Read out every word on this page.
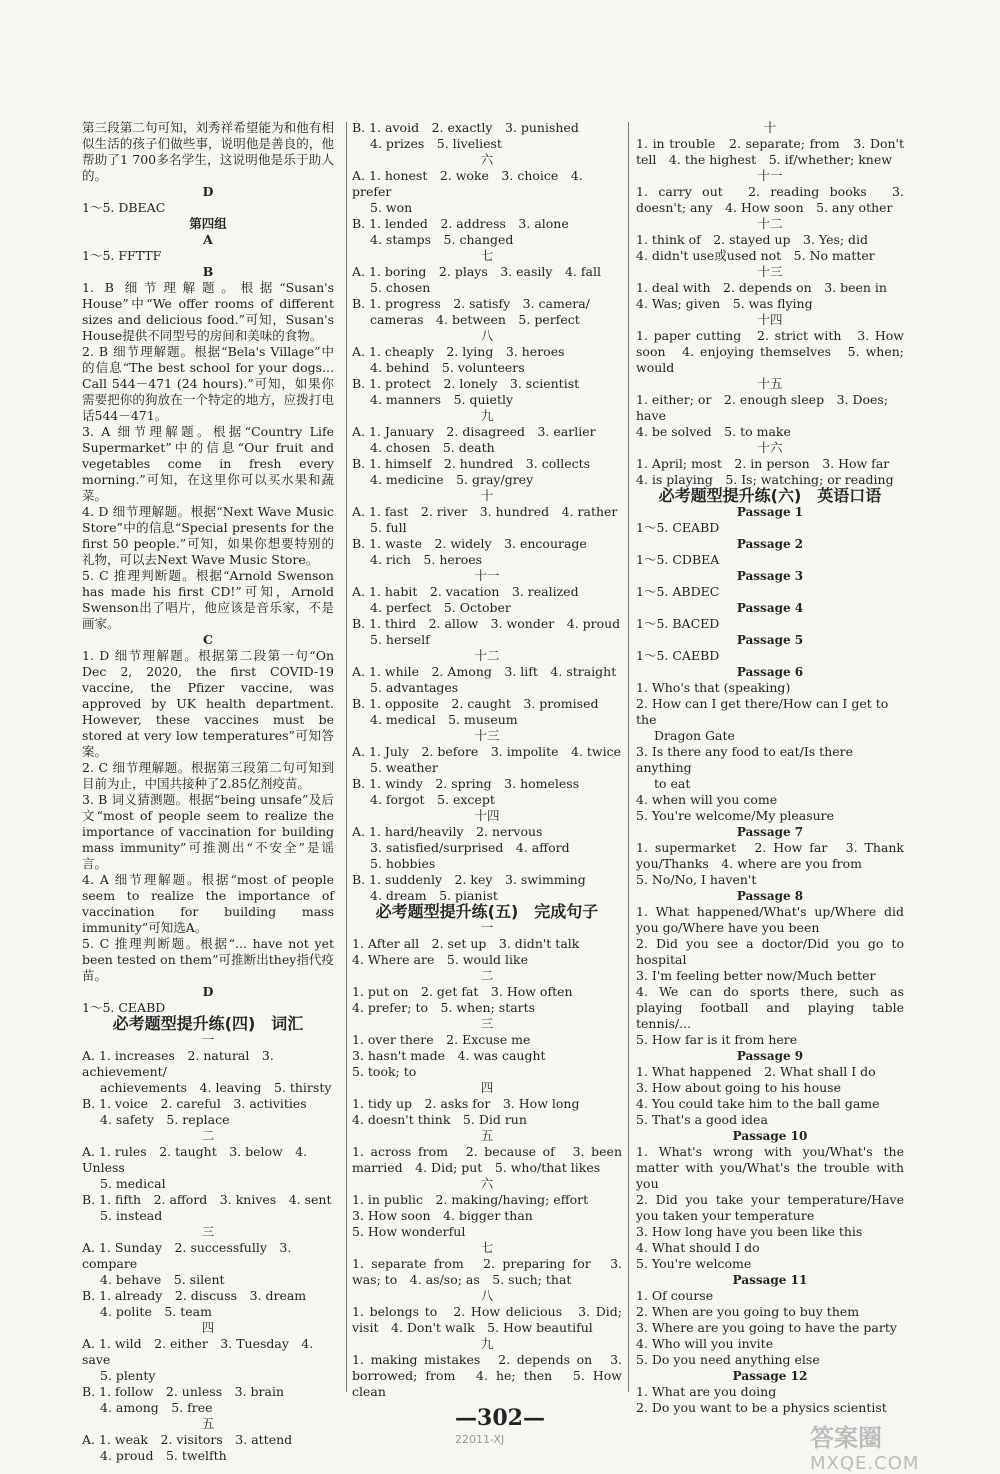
第三段第二句可知，刘秀祥希望能为和他有相似生活的孩子们做些事，说明他是善良的，他帮助了1 700多名学生，这说明他是乐于助人的。

D

1～5. DBEAC

第四组

A

1～5. FFTTF

B

1. B 细节理解题。根据“Susan's House”中“We offer rooms of different sizes and delicious food.”可知，Susan's House提供不同型号的房间和美味的食物。

2. B 细节理解题。根据“Bela's Village”中的信息“The best school for your dogs... Call 544－471 (24 hours).”可知，如果你需要把你的狗放在一个特定的地方，应拨打电话544－471。

3. A 细节理解题。根据“Country Life Supermarket”中的信息“Our fruit and vegetables come in fresh every morning.”可知，在这里你可以买水果和蔬菜。

4. D 细节理解题。根据“Next Wave Music Store”中的信息“Special presents for the first 50 people.”可知，如果你想要特别的礼物，可以去Next Wave Music Store。

5. C 推理判断题。根据“Arnold Swenson has made his first CD!”可知，Arnold Swenson出了唱片，他应该是音乐家，不是画家。

C

1. D 细节理解题。根据第二段第一句“On Dec 2, 2020, the first COVID-19 vaccine, the Pfizer vaccine, was approved by UK health department. However, these vaccines must be stored at very low temperatures”可知答案。

2. C 细节理解题。根据第三段第二句可知到目前为止，中国共接种了2.85亿剂疫苗。

3. B 词义猜测题。根据“being unsafe”及后文“most of people seem to realize the importance of vaccination for building mass immunity”可推测出“不安全”是谣言。

4. A 细节理解题。根据“most of people seem to realize the importance of vaccination for building mass immunity”可知选A。

5. C 推理判断题。根据“... have not yet been tested on them”可推断出they指代疫苗。

D

1～5. CEABD

必考题型提升练(四)　词汇

一

A. 1. increases　2. natural　3. achievement/

achievements　4. leaving　5. thirsty

B. 1. voice　2. careful　3. activities

4. safety　5. replace

二

A. 1. rules　2. taught　3. below　4. Unless

5. medical

B. 1. fifth　2. afford　3. knives　4. sent

5. instead

三

A. 1. Sunday　2. successfully　3. compare

4. behave　5. silent

B. 1. already　2. discuss　3. dream

4. polite　5. team

四

A. 1. wild　2. either　3. Tuesday　4. save

5. plenty

B. 1. follow　2. unless　3. brain

4. among　5. free

五

A. 1. weak　2. visitors　3. attend

4. proud　5. twelfth

B. 1. avoid　2. exactly　3. punished

4. prizes　5. liveliest

六

A. 1. honest　2. woke　3. choice　4. prefer

5. won

B. 1. lended　2. address　3. alone

4. stamps　5. changed

七

A. 1. boring　2. plays　3. easily　4. fall

5. chosen

B. 1. progress　2. satisfy　3. camera/

cameras　4. between　5. perfect

八

A. 1. cheaply　2. lying　3. heroes

4. behind　5. volunteers

B. 1. protect　2. lonely　3. scientist

4. manners　5. quietly

九

A. 1. January　2. disagreed　3. earlier

4. chosen　5. death

B. 1. himself　2. hundred　3. collects

4. medicine　5. gray/grey

十

A. 1. fast　2. river　3. hundred　4. rather

5. full

B. 1. waste　2. widely　3. encourage

4. rich　5. heroes

十一

A. 1. habit　2. vacation　3. realized

4. perfect　5. October

B. 1. third　2. allow　3. wonder　4. proud

5. herself

十二

A. 1. while　2. Among　3. lift　4. straight

5. advantages

B. 1. opposite　2. caught　3. promised

4. medical　5. museum

十三

A. 1. July　2. before　3. impolite　4. twice

5. weather

B. 1. windy　2. spring　3. homeless

4. forgot　5. except

十四

A. 1. hard/heavily　2. nervous

3. satisfied/surprised　4. afford

5. hobbies

B. 1. suddenly　2. key　3. swimming

4. dream　5. pianist

必考题型提升练(五)　完成句子

一

1. After all　2. set up　3. didn't talk

4. Where are　5. would like

二

1. put on　2. get fat　3. How often

4. prefer; to　5. when; starts

三

1. over there　2. Excuse me

3. hasn't made　4. was caught

5. took; to

四

1. tidy up　2. asks for　3. How long

4. doesn't think　5. Did run

五

1. across from　2. because of　3. been married　4. Did; put　5. who/that likes

六

1. in public　2. making/having; effort

3. How soon　4. bigger than

5. How wonderful

七

1. separate from　2. preparing for　3. was; to　4. as/so; as　5. such; that

八

1. belongs to　2. How delicious　3. Did; visit　4. Don't walk　5. How beautiful

九

1. making mistakes　2. depends on　3. borrowed; from　4. he; then　5. How clean

十

1. in trouble　2. separate; from　3. Don't tell　4. the highest　5. if/whether; knew

十一

1. carry out　2. reading books　3. doesn't; any　4. How soon　5. any other

十二

1. think of　2. stayed up　3. Yes; did

4. didn't use或used not　5. No matter

十三

1. deal with　2. depends on　3. been in

4. Was; given　5. was flying

十四

1. paper cutting　2. strict with　3. How soon　4. enjoying themselves　5. when; would

十五

1. either; or　2. enough sleep　3. Does; have

4. be solved　5. to make

十六

1. April; most　2. in person　3. How far

4. is playing　5. Is; watching; or reading

必考题型提升练(六)　英语口语

Passage 1

1～5. CEABD

Passage 2

1～5. CDBEA

Passage 3

1～5. ABDEC

Passage 4

1～5. BACED

Passage 5

1～5. CAEBD

Passage 6

1. Who's that (speaking)

2. How can I get there/How can I get to the

Dragon Gate

3. Is there any food to eat/Is there anything

to eat

4. when will you come

5. You're welcome/My pleasure

Passage 7

1. supermarket　2. How far　3. Thank you/Thanks　4. where are you from

5. No/No, I haven't

Passage 8

1. What happened/What's up/Where did you go/Where have you been

2. Did you see a doctor/Did you go to hospital

3. I'm feeling better now/Much better

4. We can do sports there, such as playing football and playing table tennis/...

5. How far is it from here

Passage 9

1. What happened　2. What shall I do

3. How about going to his house

4. You could take him to the ball game

5. That's a good idea

Passage 10

1. What's wrong with you/What's the matter with you/What's the trouble with you

2. Did you take your temperature/Have you taken your temperature

3. How long have you been like this

4. What should I do

5. You're welcome

Passage 11

1. Of course

2. When are you going to buy them

3. Where are you going to have the party

4. Who will you invite

5. Do you need anything else

Passage 12

1. What are you doing

2. Do you want to be a physics scientist

—302—
22011-XJ	答案圈
MXQE.COM
